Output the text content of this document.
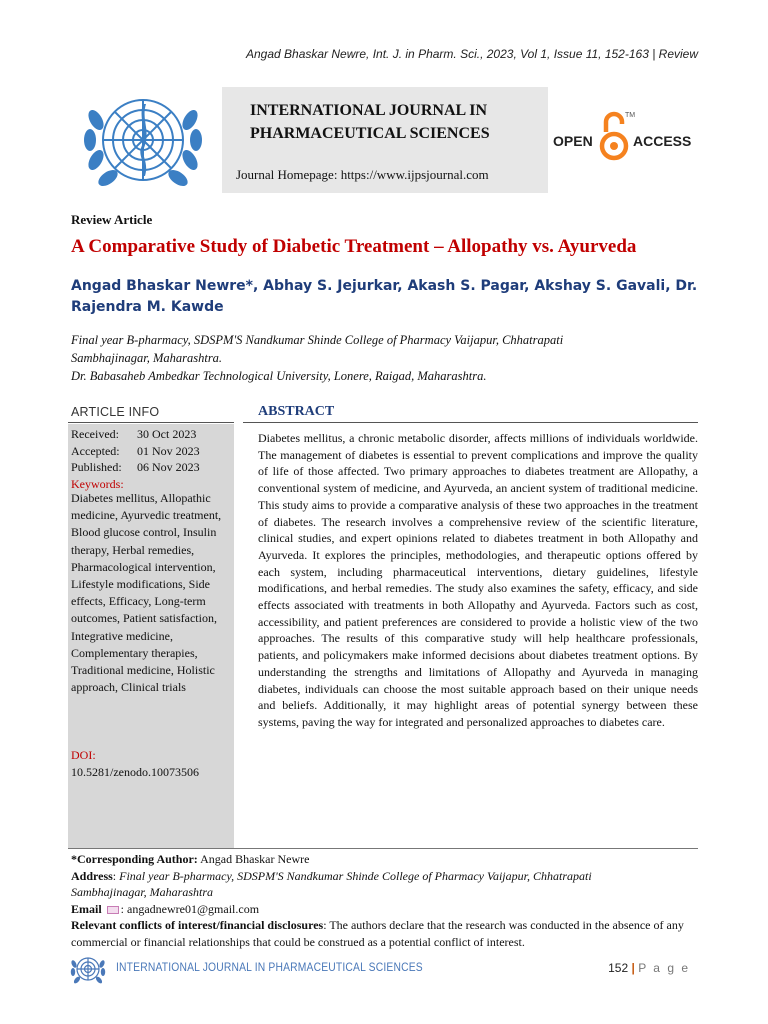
Angad Bhaskar Newre, Int. J. in Pharm. Sci., 2023, Vol 1, Issue 11, 152-163 | Review
INTERNATIONAL JOURNAL IN
PHARMACEUTICAL SCIENCES
Journal Homepage: https://www.ijpsjournal.com
OPEN
TM
ACCESS
Review Article
A Comparative Study of Diabetic Treatment – Allopathy vs. Ayurveda
Angad Bhaskar Newre*, Abhay S. Jejurkar, Akash S. Pagar, Akshay S. Gavali, Dr.
Rajendra M. Kawde
Final year B-pharmacy, SDSPM'S Nandkumar Shinde College of Pharmacy Vaijapur, Chhatrapati
Sambhajinagar, Maharashtra.
Dr. Babasaheb Ambedkar Technological University, Lonere, Raigad, Maharashtra.
ARTICLE INFO
Received: 30 Oct 2023
Accepted: 01 Nov 2023
Published: 06 Nov 2023
Keywords:
Diabetes mellitus, Allopathic medicine, Ayurvedic treatment, Blood glucose control, Insulin therapy, Herbal remedies, Pharmacological intervention, Lifestyle modifications, Side effects, Efficacy, Long-term outcomes, Patient satisfaction, Integrative medicine, Complementary therapies, Traditional medicine, Holistic approach, Clinical trials
DOI:
10.5281/zenodo.10073506
ABSTRACT
Diabetes mellitus, a chronic metabolic disorder, affects millions of individuals worldwide. The management of diabetes is essential to prevent complications and improve the quality of life of those affected. Two primary approaches to diabetes treatment are Allopathy, a conventional system of medicine, and Ayurveda, an ancient system of traditional medicine. This study aims to provide a comparative analysis of these two approaches in the treatment of diabetes. The research involves a comprehensive review of the scientific literature, clinical studies, and expert opinions related to diabetes treatment in both Allopathy and Ayurveda. It explores the principles, methodologies, and therapeutic options offered by each system, including pharmaceutical interventions, dietary guidelines, lifestyle modifications, and herbal remedies. The study also examines the safety, efficacy, and side effects associated with treatments in both Allopathy and Ayurveda. Factors such as cost, accessibility, and patient preferences are considered to provide a holistic view of the two approaches. The results of this comparative study will help healthcare professionals, patients, and policymakers make informed decisions about diabetes treatment options. By understanding the strengths and limitations of Allopathy and Ayurveda in managing diabetes, individuals can choose the most suitable approach based on their unique needs and beliefs. Additionally, it may highlight areas of potential synergy between these systems, paving the way for integrated and personalized approaches to diabetes care.

*Corresponding Author: Angad Bhaskar Newre

Address: Final year B-pharmacy, SDSPM'S Nandkumar Shinde College of Pharmacy Vaijapur, Chhatrapati

Sambhajinagar, Maharashtra

Email : angadnewre01@gmail.com

Relevant conflicts of interest/financial disclosures: The authors declare that the research was conducted in the absence of any commercial or financial relationships that could be construed as a potential conflict of interest.

INTERNATIONAL JOURNAL IN PHARMACEUTICAL SCIENCES	152 | P a g e
